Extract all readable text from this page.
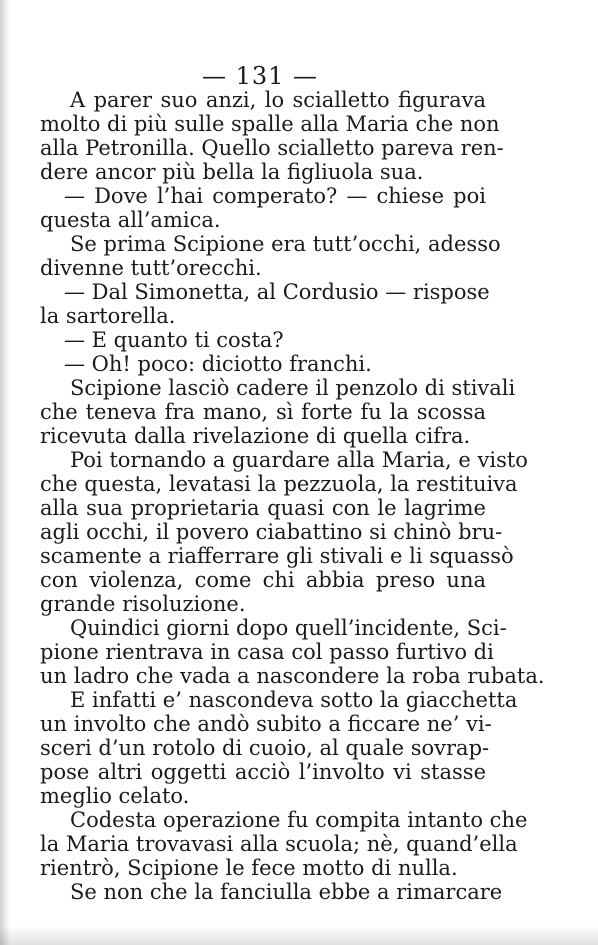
— 131 —
A parer suo anzi, lo scialletto figurava
molto di più sulle spalle alla Maria che non
alla Petronilla. Quello scialletto pareva ren-
dere ancor più bella la figliuola sua.
— Dove l’hai comperato? — chiese poi
questa all’amica.
Se prima Scipione era tutt’occhi, adesso
divenne tutt’orecchi.
— Dal Simonetta, al Cordusio — rispose
la sartorella.
— E quanto ti costa?
— Oh! poco: diciotto franchi.
Scipione lasciò cadere il penzolo di stivali
che teneva fra mano, sì forte fu la scossa
ricevuta dalla rivelazione di quella cifra.
Poi tornando a guardare alla Maria, e visto
che questa, levatasi la pezzuola, la restituiva
alla sua proprietaria quasi con le lagrime
agli occhi, il povero ciabattino si chinò bru-
scamente a riafferrare gli stivali e li squassò
con violenza, come chi abbia preso una
grande risoluzione.
Quindici giorni dopo quell’incidente, Sci-
pione rientrava in casa col passo furtivo di
un ladro che vada a nascondere la roba rubata.
E infatti e’ nascondeva sotto la giacchetta
un involto che andò subito a ficcare ne’ vi-
sceri d’un rotolo di cuoio, al quale sovrap-
pose altri oggetti acciò l’involto vi stasse
meglio celato.
Codesta operazione fu compita intanto che
la Maria trovavasi alla scuola; nè, quand’ella
rientrò, Scipione le fece motto di nulla.
Se non che la fanciulla ebbe a rimarcare
